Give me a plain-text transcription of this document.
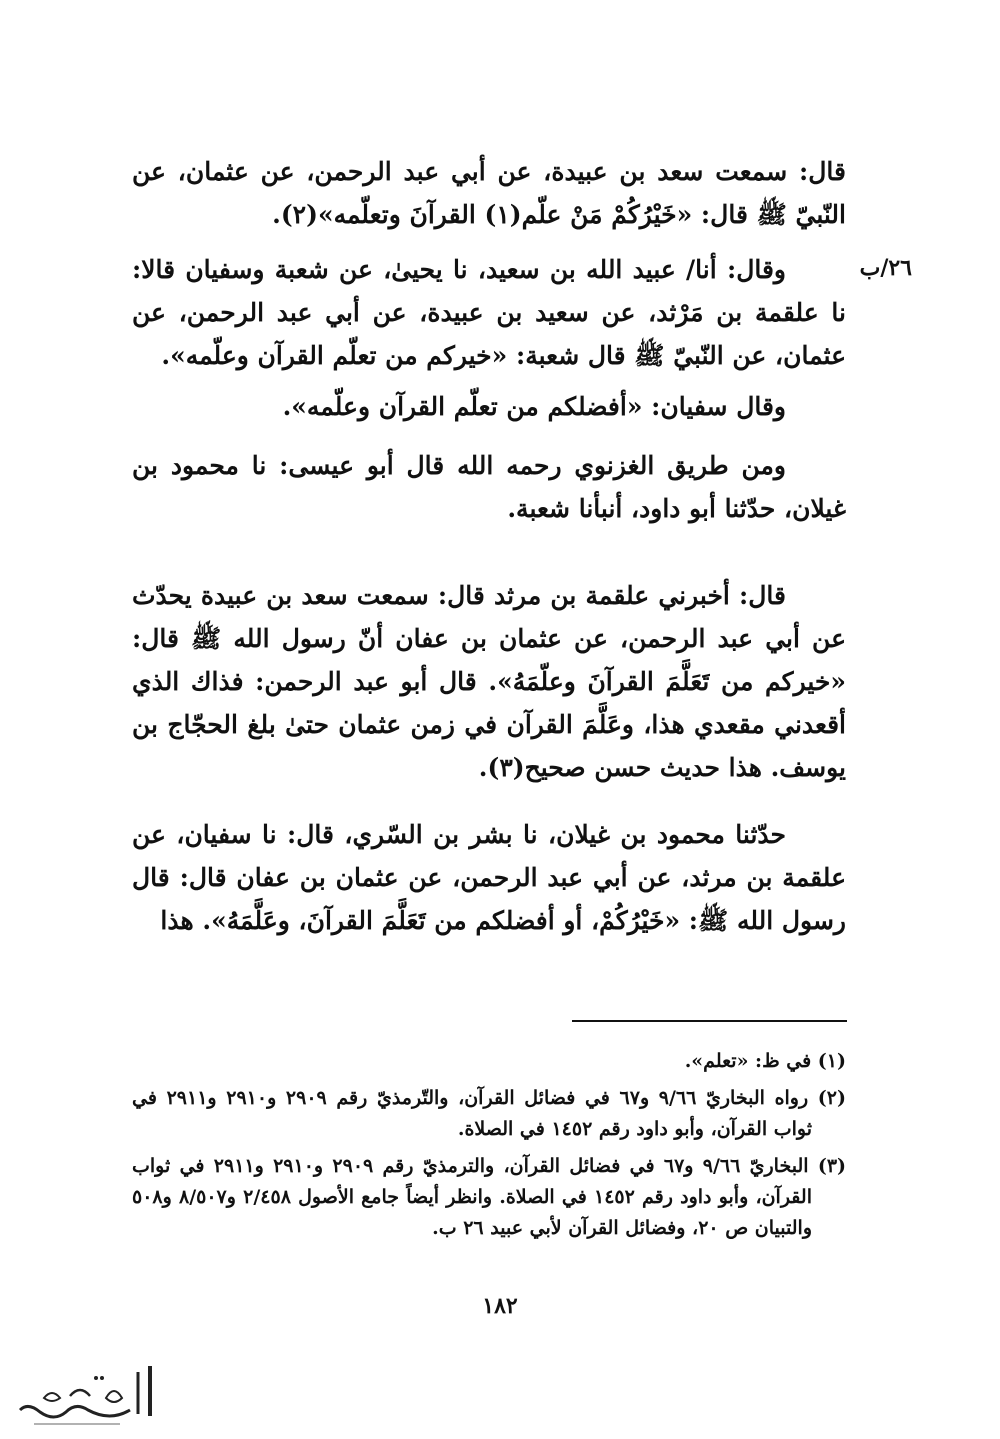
٢٦/ب

قال: سمعت سعد بن عبيدة، عن أبي عبد الرحمن، عن عثمان، عن النّبيّ ﷺ قال: «خَيْرُكُمْ مَنْ علّم(١) القرآنَ وتعلّمه»(٢).

وقال: أنا/ عبيد الله بن سعيد، نا يحيىٰ، عن شعبة وسفيان قالا: نا علقمة بن مَرْثد، عن سعيد بن عبيدة، عن أبي عبد الرحمن، عن عثمان، عن النّبيّ ﷺ قال شعبة: «خيركم من تعلّم القرآن وعلّمه».

وقال سفيان: «أفضلكم من تعلّم القرآن وعلّمه».

ومن طريق الغزنوي رحمه الله قال أبو عيسى: نا محمود بن غيلان، حدّثنا أبو داود، أنبأنا شعبة.

قال: أخبرني علقمة بن مرثد قال: سمعت سعد بن عبيدة يحدّث عن أبي عبد الرحمن، عن عثمان بن عفان أنّ رسول الله ﷺ قال: «خيركم من تَعَلَّمَ القرآنَ وعلّمَهُ». قال أبو عبد الرحمن: فذاك الذي أقعدني مقعدي هذا، وعَلَّمَ القرآن في زمن عثمان حتىٰ بلغ الحجّاج بن يوسف. هذا حديث حسن صحيح(٣).

حدّثنا محمود بن غيلان، نا بشر بن السّري، قال: نا سفيان، عن علقمة بن مرثد، عن أبي عبد الرحمن، عن عثمان بن عفان قال: قال رسول الله ﷺ: «خَيْرُكُمْ، أو أفضلكم من تَعَلَّمَ القرآنَ، وعَلَّمَهُ». هذا

(١) في ظ: «تعلم».

(٢) رواه البخاريّ ٩/٦٦ و٦٧ في فضائل القرآن، والتّرمذيّ رقم ٢٩٠٩ و٢٩١٠ و٢٩١١ في ثواب القرآن، وأبو داود رقم ١٤٥٢ في الصلاة.

(٣) البخاريّ ٩/٦٦ و٦٧ في فضائل القرآن، والترمذيّ رقم ٢٩٠٩ و٢٩١٠ و٢٩١١ في ثواب القرآن، وأبو داود رقم ١٤٥٢ في الصلاة. وانظر أيضاً جامع الأصول ٢/٤٥٨ و٨/٥٠٧ و٥٠٨ والتبيان ص ٢٠، وفضائل القرآن لأبي عبيد ٢٦ ب.

١٨٢
